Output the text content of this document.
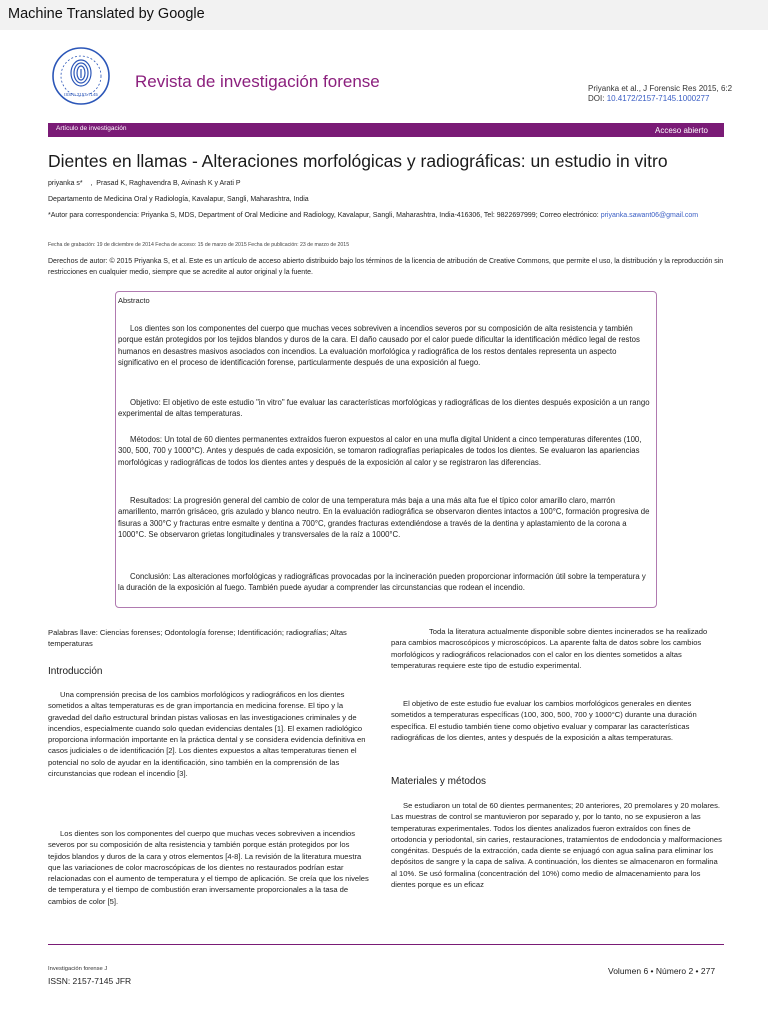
Machine Translated by Google
ISSN: 2157-7145
Revista de investigación forense	Priyanka et al., J Forensic Res 2015, 6:2
DOI: 10.4172/2157-7145.1000277
Artículo de investigación	Acceso abierto
Dientes en llamas - Alteraciones morfológicas y radiográficas: un estudio in vitro
priyanka s*    ,  Prasad K, Raghavendra B, Avinash K y Arati P
Departamento de Medicina Oral y Radiología, Kavalapur, Sangli, Maharashtra, India
*Autor para correspondencia: Priyanka S, MDS, Department of Oral Medicine and Radiology, Kavalapur, Sangli, Maharashtra, India-416306, Tel: 9822697999; Correo electrónico: priyanka.sawant06@gmail.com
Fecha de grabación: 19 de diciembre de 2014 Fecha de acceso: 15 de marzo de 2015 Fecha de publicación: 23 de marzo de 2015
Derechos de autor: © 2015 Priyanka S, et al. Este es un artículo de acceso abierto distribuido bajo los términos de la licencia de atribución de Creative Commons, que permite el uso, la distribución y la reproducción sin restricciones en cualquier medio, siempre que se acredite al autor original y la fuente.
Abstracto
Los dientes son los componentes del cuerpo que muchas veces sobreviven a incendios severos por su composición de alta resistencia y también porque están protegidos por los tejidos blandos y duros de la cara. El daño causado por el calor puede dificultar la identificación médico legal de restos humanos en desastres masivos asociados con incendios. La evaluación morfológica y radiográfica de los restos dentales representa un aspecto significativo en el proceso de identificación forense, particularmente después de una exposición al fuego.
Objetivo: El objetivo de este estudio "in vitro" fue evaluar las características morfológicas y radiográficas de los dientes después exposición a un rango experimental de altas temperaturas.
Métodos: Un total de 60 dientes permanentes extraídos fueron expuestos al calor en una mufla digital Unident a cinco temperaturas diferentes (100, 300, 500, 700 y 1000°C). Antes y después de cada exposición, se tomaron radiografías periapicales de todos los dientes. Se evaluaron las apariencias morfológicas y radiográficas de todos los dientes antes y después de la exposición al calor y se registraron las diferencias.
Resultados: La progresión general del cambio de color de una temperatura más baja a una más alta fue el típico color amarillo claro, marrón amarillento, marrón grisáceo, gris azulado y blanco neutro. En la evaluación radiográfica se observaron dientes intactos a 100°C, formación progresiva de fisuras a 300°C y fracturas entre esmalte y dentina a 700°C, grandes fracturas extendiéndose a través de la dentina y aplastamiento de la corona a 1000°C. Se observaron grietas longitudinales y transversales de la raíz a 1000°C.
Conclusión: Las alteraciones morfológicas y radiográficas provocadas por la incineración pueden proporcionar información útil sobre la temperatura y la duración de la exposición al fuego. También puede ayudar a comprender las circunstancias que rodean el incendio.
Palabras llave: Ciencias forenses; Odontología forense; Identificación; radiografías; Altas temperaturas
Introducción
Una comprensión precisa de los cambios morfológicos y radiográficos en los dientes sometidos a altas temperaturas es de gran importancia en medicina forense. El tipo y la gravedad del daño estructural brindan pistas valiosas en las investigaciones criminales y de incendios, especialmente cuando solo quedan evidencias dentales [1]. El examen radiológico proporciona información importante en la práctica dental y se considera evidencia definitiva en casos judiciales o de identificación [2]. Los dientes expuestos a altas temperaturas tienen el potencial no solo de ayudar en la identificación, sino también en la comprensión de las circunstancias que rodean el incendio [3].
Los dientes son los componentes del cuerpo que muchas veces sobreviven a incendios severos por su composición de alta resistencia y también porque están protegidos por los tejidos blandos y duros de la cara y otros elementos [4-8]. La revisión de la literatura muestra que las variaciones de color macroscópicas de los dientes no restaurados podrían estar relacionadas con el aumento de temperatura y el tiempo de aplicación. Se creía que los niveles de temperatura y el tiempo de combustión eran inversamente proporcionales a la tasa de cambios de color [5].
Toda la literatura actualmente disponible sobre dientes incinerados se ha realizado para cambios macroscópicos y microscópicos. La aparente falta de datos sobre los cambios morfológicos y radiográficos relacionados con el calor en los dientes sometidos a altas temperaturas requiere este tipo de estudio experimental.
El objetivo de este estudio fue evaluar los cambios morfológicos generales en dientes sometidos a temperaturas específicas (100, 300, 500, 700 y 1000°C) durante una duración específica. El estudio también tiene como objetivo evaluar y comparar las características radiográficas de los dientes, antes y después de la exposición a altas temperaturas.
Materiales y métodos
Se estudiaron un total de 60 dientes permanentes; 20 anteriores, 20 premolares y 20 molares. Las muestras de control se mantuvieron por separado y, por lo tanto, no se expusieron a las temperaturas experimentales. Todos los dientes analizados fueron extraídos con fines de ortodoncia y periodontal, sin caries, restauraciones, tratamientos de endodoncia y malformaciones congénitas. Después de la extracción, cada diente se enjuagó con agua salina para eliminar los depósitos de sangre y la capa de saliva. A continuación, los dientes se almacenaron en formalina al 10%. Se usó formalina (concentración del 10%) como medio de almacenamiento para los dientes porque es un eficaz
Investigación forense J
ISSN: 2157-7145 JFR
Volumen 6 • Número 2 • 277
